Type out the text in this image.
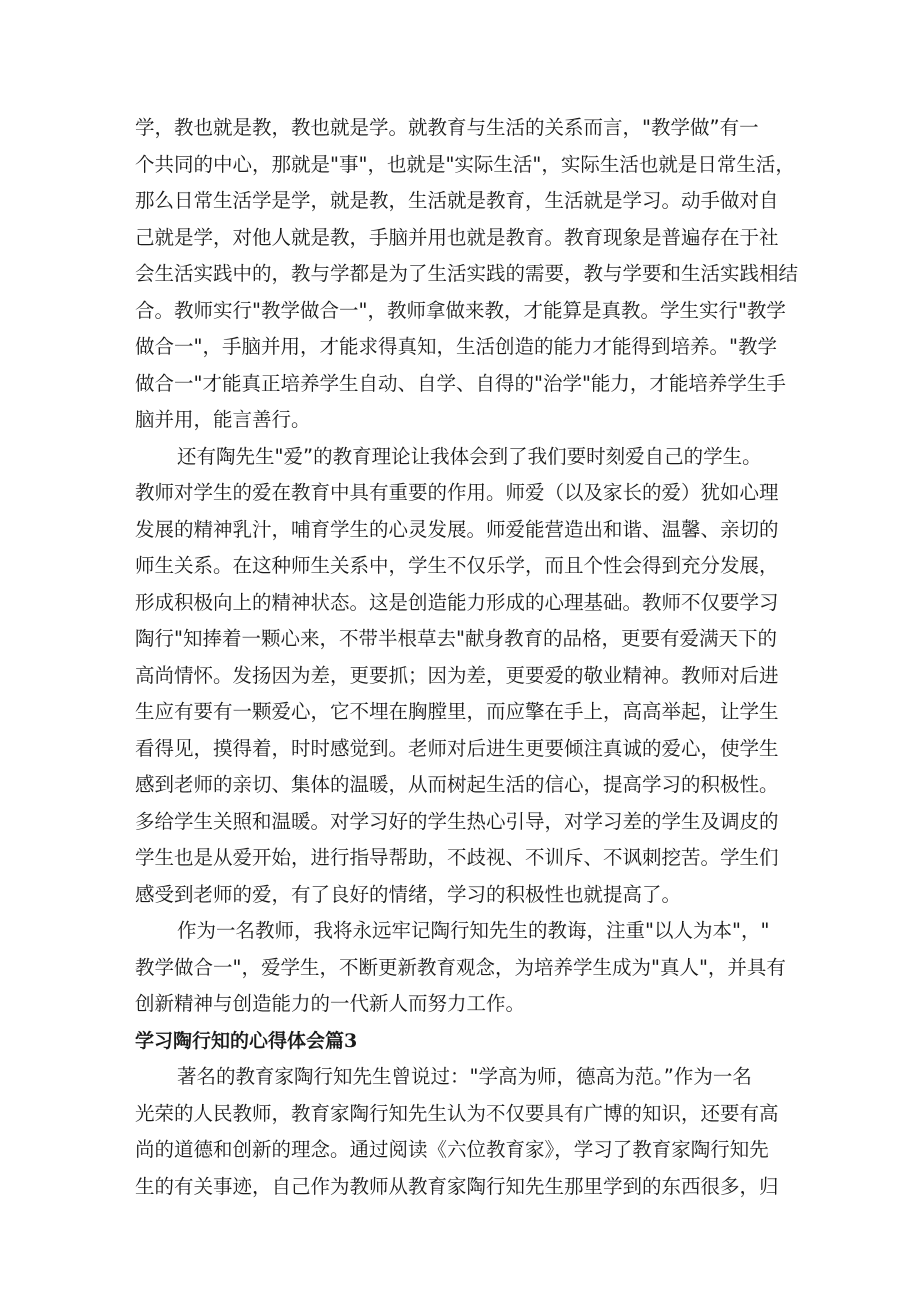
学，教也就是教，教也就是学。就教育与生活的关系而言，"教学做”有一
个共同的中心，那就是"事"，也就是"实际生活"，实际生活也就是日常生活，
那么日常生活学是学，就是教，生活就是教育，生活就是学习。动手做对自
己就是学，对他人就是教，手脑并用也就是教育。教育现象是普遍存在于社
会生活实践中的，教与学都是为了生活实践的需要，教与学要和生活实践相结
合。教师实行"教学做合一"，教师拿做来教，才能算是真教。学生实行"教学
做合一"，手脑并用，才能求得真知，生活创造的能力才能得到培养。"教学
做合一"才能真正培养学生自动、自学、自得的"治学"能力，才能培养学生手
脑并用，能言善行。
还有陶先生"爱”的教育理论让我体会到了我们要时刻爱自己的学生。
教师对学生的爱在教育中具有重要的作用。师爱（以及家长的爱）犹如心理
发展的精神乳汁，哺育学生的心灵发展。师爱能营造出和谐、温馨、亲切的
师生关系。在这种师生关系中，学生不仅乐学，而且个性会得到充分发展，
形成积极向上的精神状态。这是创造能力形成的心理基础。教师不仅要学习
陶行"知捧着一颗心来，不带半根草去"献身教育的品格，更要有爱满天下的
高尚情怀。发扬因为差，更要抓；因为差，更要爱的敬业精神。教师对后进
生应有要有一颗爱心，它不埋在胸膛里，而应擎在手上，高高举起，让学生
看得见，摸得着，时时感觉到。老师对后进生更要倾注真诚的爱心，使学生
感到老师的亲切、集体的温暖，从而树起生活的信心，提高学习的积极性。
多给学生关照和温暖。对学习好的学生热心引导，对学习差的学生及调皮的
学生也是从爱开始，进行指导帮助，不歧视、不训斥、不讽刺挖苦。学生们
感受到老师的爱，有了良好的情绪，学习的积极性也就提高了。
作为一名教师，我将永远牢记陶行知先生的教诲，注重"以人为本"，"
教学做合一"，爱学生，不断更新教育观念，为培养学生成为"真人"，并具有
创新精神与创造能力的一代新人而努力工作。
学习陶行知的心得体会篇3
著名的教育家陶行知先生曾说过："学高为师，德高为范。”作为一名
光荣的人民教师，教育家陶行知先生认为不仅要具有广博的知识，还要有高
尚的道德和创新的理念。通过阅读《六位教育家》，学习了教育家陶行知先
生的有关事迹，自己作为教师从教育家陶行知先生那里学到的东西很多，归
